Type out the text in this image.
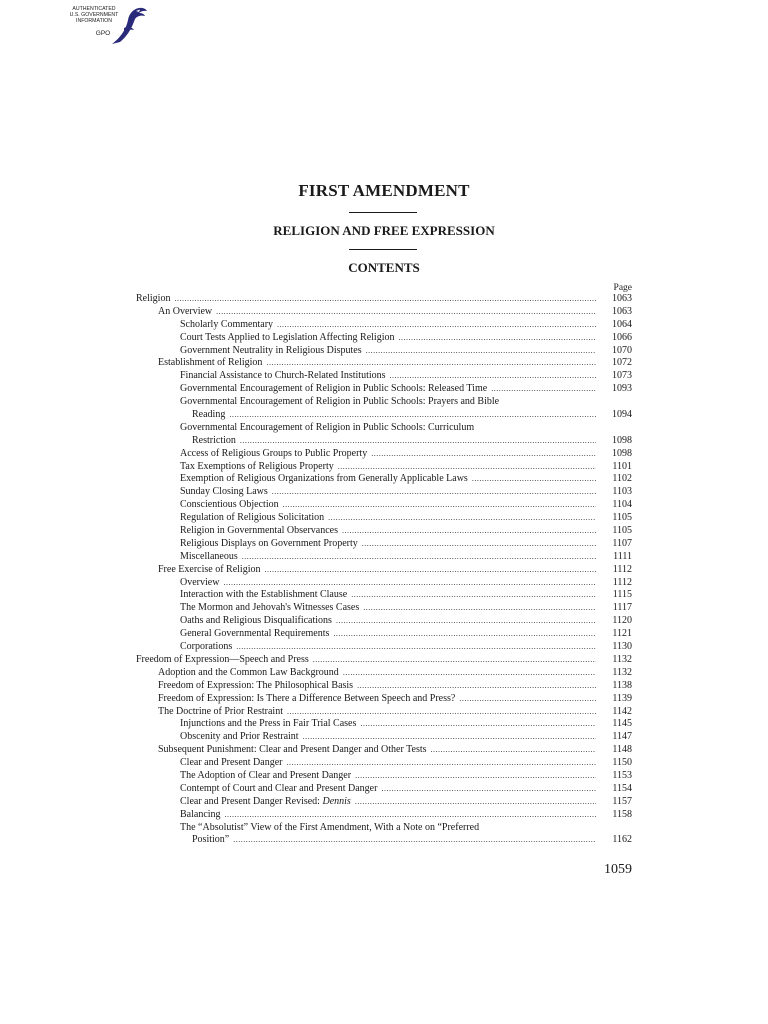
AUTHENTICATED
U.S. GOVERNMENT
INFORMATION
GPO
FIRST AMENDMENT
RELIGION AND FREE EXPRESSION
CONTENTS
Page
Religion .....	1063
An Overview .....	1063
Scholarly Commentary .....	1064
Court Tests Applied to Legislation Affecting Religion .....	1066
Government Neutrality in Religious Disputes .....	1070
Establishment of Religion .....	1072
Financial Assistance to Church-Related Institutions .....	1073
Governmental Encouragement of Religion in Public Schools: Released Time .....	1093
Governmental Encouragement of Religion in Public Schools: Prayers and Bible
Reading .....	1094
Governmental Encouragement of Religion in Public Schools: Curriculum
Restriction .....	1098
Access of Religious Groups to Public Property .....	1098
Tax Exemptions of Religious Property .....	1101
Exemption of Religious Organizations from Generally Applicable Laws .....	1102
Sunday Closing Laws .....	1103
Conscientious Objection .....	1104
Regulation of Religious Solicitation .....	1105
Religion in Governmental Observances .....	1105
Religious Displays on Government Property .....	1107
Miscellaneous .....	1111
Free Exercise of Religion .....	1112
Overview .....	1112
Interaction with the Establishment Clause .....	1115
The Mormon and Jehovah's Witnesses Cases .....	1117
Oaths and Religious Disqualifications .....	1120
General Governmental Requirements .....	1121
Corporations .....	1130
Freedom of Expression—Speech and Press .....	1132
Adoption and the Common Law Background .....	1132
Freedom of Expression: The Philosophical Basis .....	1138
Freedom of Expression: Is There a Difference Between Speech and Press? .....	1139
The Doctrine of Prior Restraint .....	1142
Injunctions and the Press in Fair Trial Cases .....	1145
Obscenity and Prior Restraint .....	1147
Subsequent Punishment: Clear and Present Danger and Other Tests .....	1148
Clear and Present Danger .....	1150
The Adoption of Clear and Present Danger .....	1153
Contempt of Court and Clear and Present Danger .....	1154
Clear and Present Danger Revised: Dennis .....	1157
Balancing .....	1158
The “Absolutist” View of the First Amendment, With a Note on “Preferred
Position” .....	1162
1059
